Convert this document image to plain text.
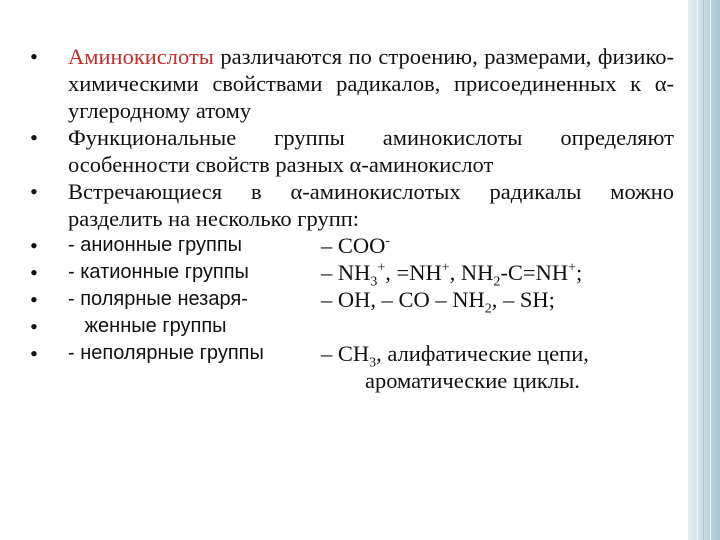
• Аминокислоты различаются по строению, размерами, физико-химическими свойствами радикалов, присоединенных к α-углеродному атому
• Функциональные группы аминокислоты определяют особенности свойств разных α-аминокислот
• Встречающиеся в α-аминокислотых радикалы можно разделить на несколько групп:
•	- анионные группы	– COO-
•	- катионные группы	– $NH_3^+$, =NH+, $NH_2-C=NH^+$;
•	- полярные незаря-	– OH, – CO – $NH_2$, – SH;
•	женные группы
•	- неполярные группы	– $CH_3$, алифатические цепи,
ароматические циклы.
